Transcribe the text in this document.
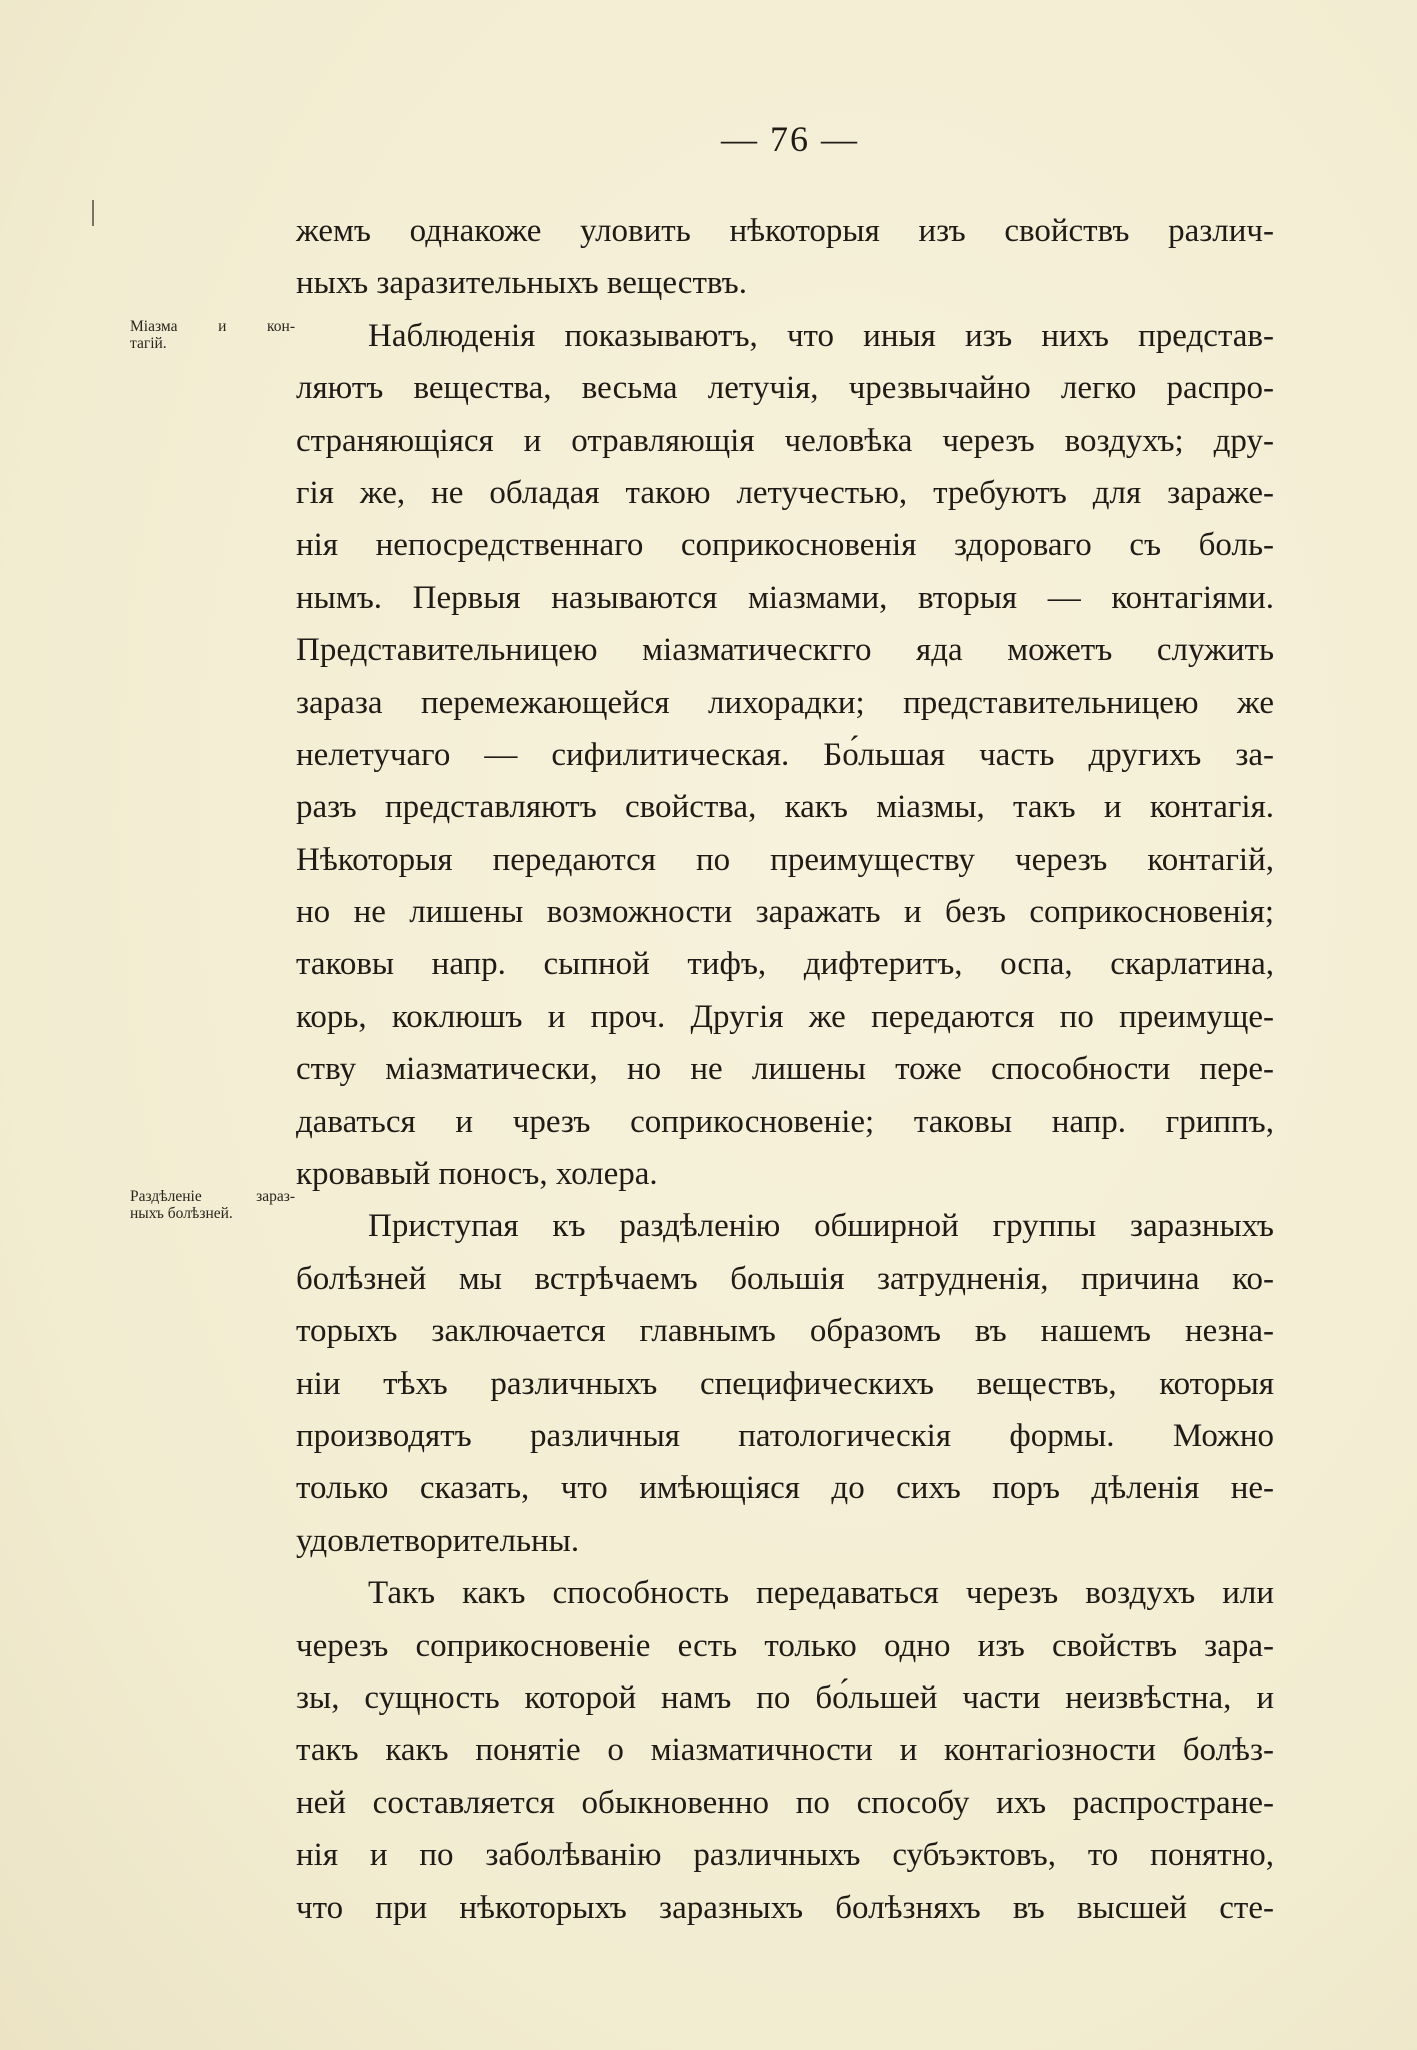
— 76 —
Міазма и кон-
тагій.
Раздѣленіе зараз-
ныхъ болѣзней.
жемъ однакоже уловить нѣкоторыя изъ свойствъ различ-
ныхъ заразительныхъ веществъ.
Наблюденія показываютъ, что иныя изъ нихъ представ-
ляютъ вещества, весьма летучія, чрезвычайно легко распро-
страняющіяся и отравляющія человѣка черезъ воздухъ; дру-
гія же, не обладая такою летучестью, требуютъ для зараже-
нія непосредственнаго соприкосновенія здороваго съ боль-
нымъ. Первыя называются міазмами, вторыя — контагіями.
Представительницею міазматическгго яда можетъ служить
зараза перемежающейся лихорадки; представительницею же
нелетучаго — сифилитическая. Бо́льшая часть другихъ за-
разъ представляютъ свойства, какъ міазмы, такъ и контагія.
Нѣкоторыя передаются по преимуществу черезъ контагій,
но не лишены возможности заражать и безъ соприкосновенія;
таковы напр. сыпной тифъ, дифтеритъ, оспа, скарлатина,
корь, коклюшъ и проч. Другія же передаются по преимуще-
ству міазматически, но не лишены тоже способности пере-
даваться и чрезъ соприкосновеніе; таковы напр. гриппъ,
кровавый поносъ, холера.
Приступая къ раздѣленію обширной группы заразныхъ
болѣзней мы встрѣчаемъ большія затрудненія, причина ко-
торыхъ заключается главнымъ образомъ въ нашемъ незна-
ніи тѣхъ различныхъ специфическихъ веществъ, которыя
производятъ различныя патологическія формы. Можно
только сказать, что имѣющіяся до сихъ поръ дѣленія не-
удовлетворительны.
Такъ какъ способность передаваться черезъ воздухъ или
черезъ соприкосновеніе есть только одно изъ свойствъ зара-
зы, сущность которой намъ по бо́льшей части неизвѣстна, и
такъ какъ понятіе о міазматичности и контагіозности болѣз-
ней составляется обыкновенно по способу ихъ распростране-
нія и по заболѣванію различныхъ субъэктовъ, то понятно,
что при нѣкоторыхъ заразныхъ болѣзняхъ въ высшей сте-
